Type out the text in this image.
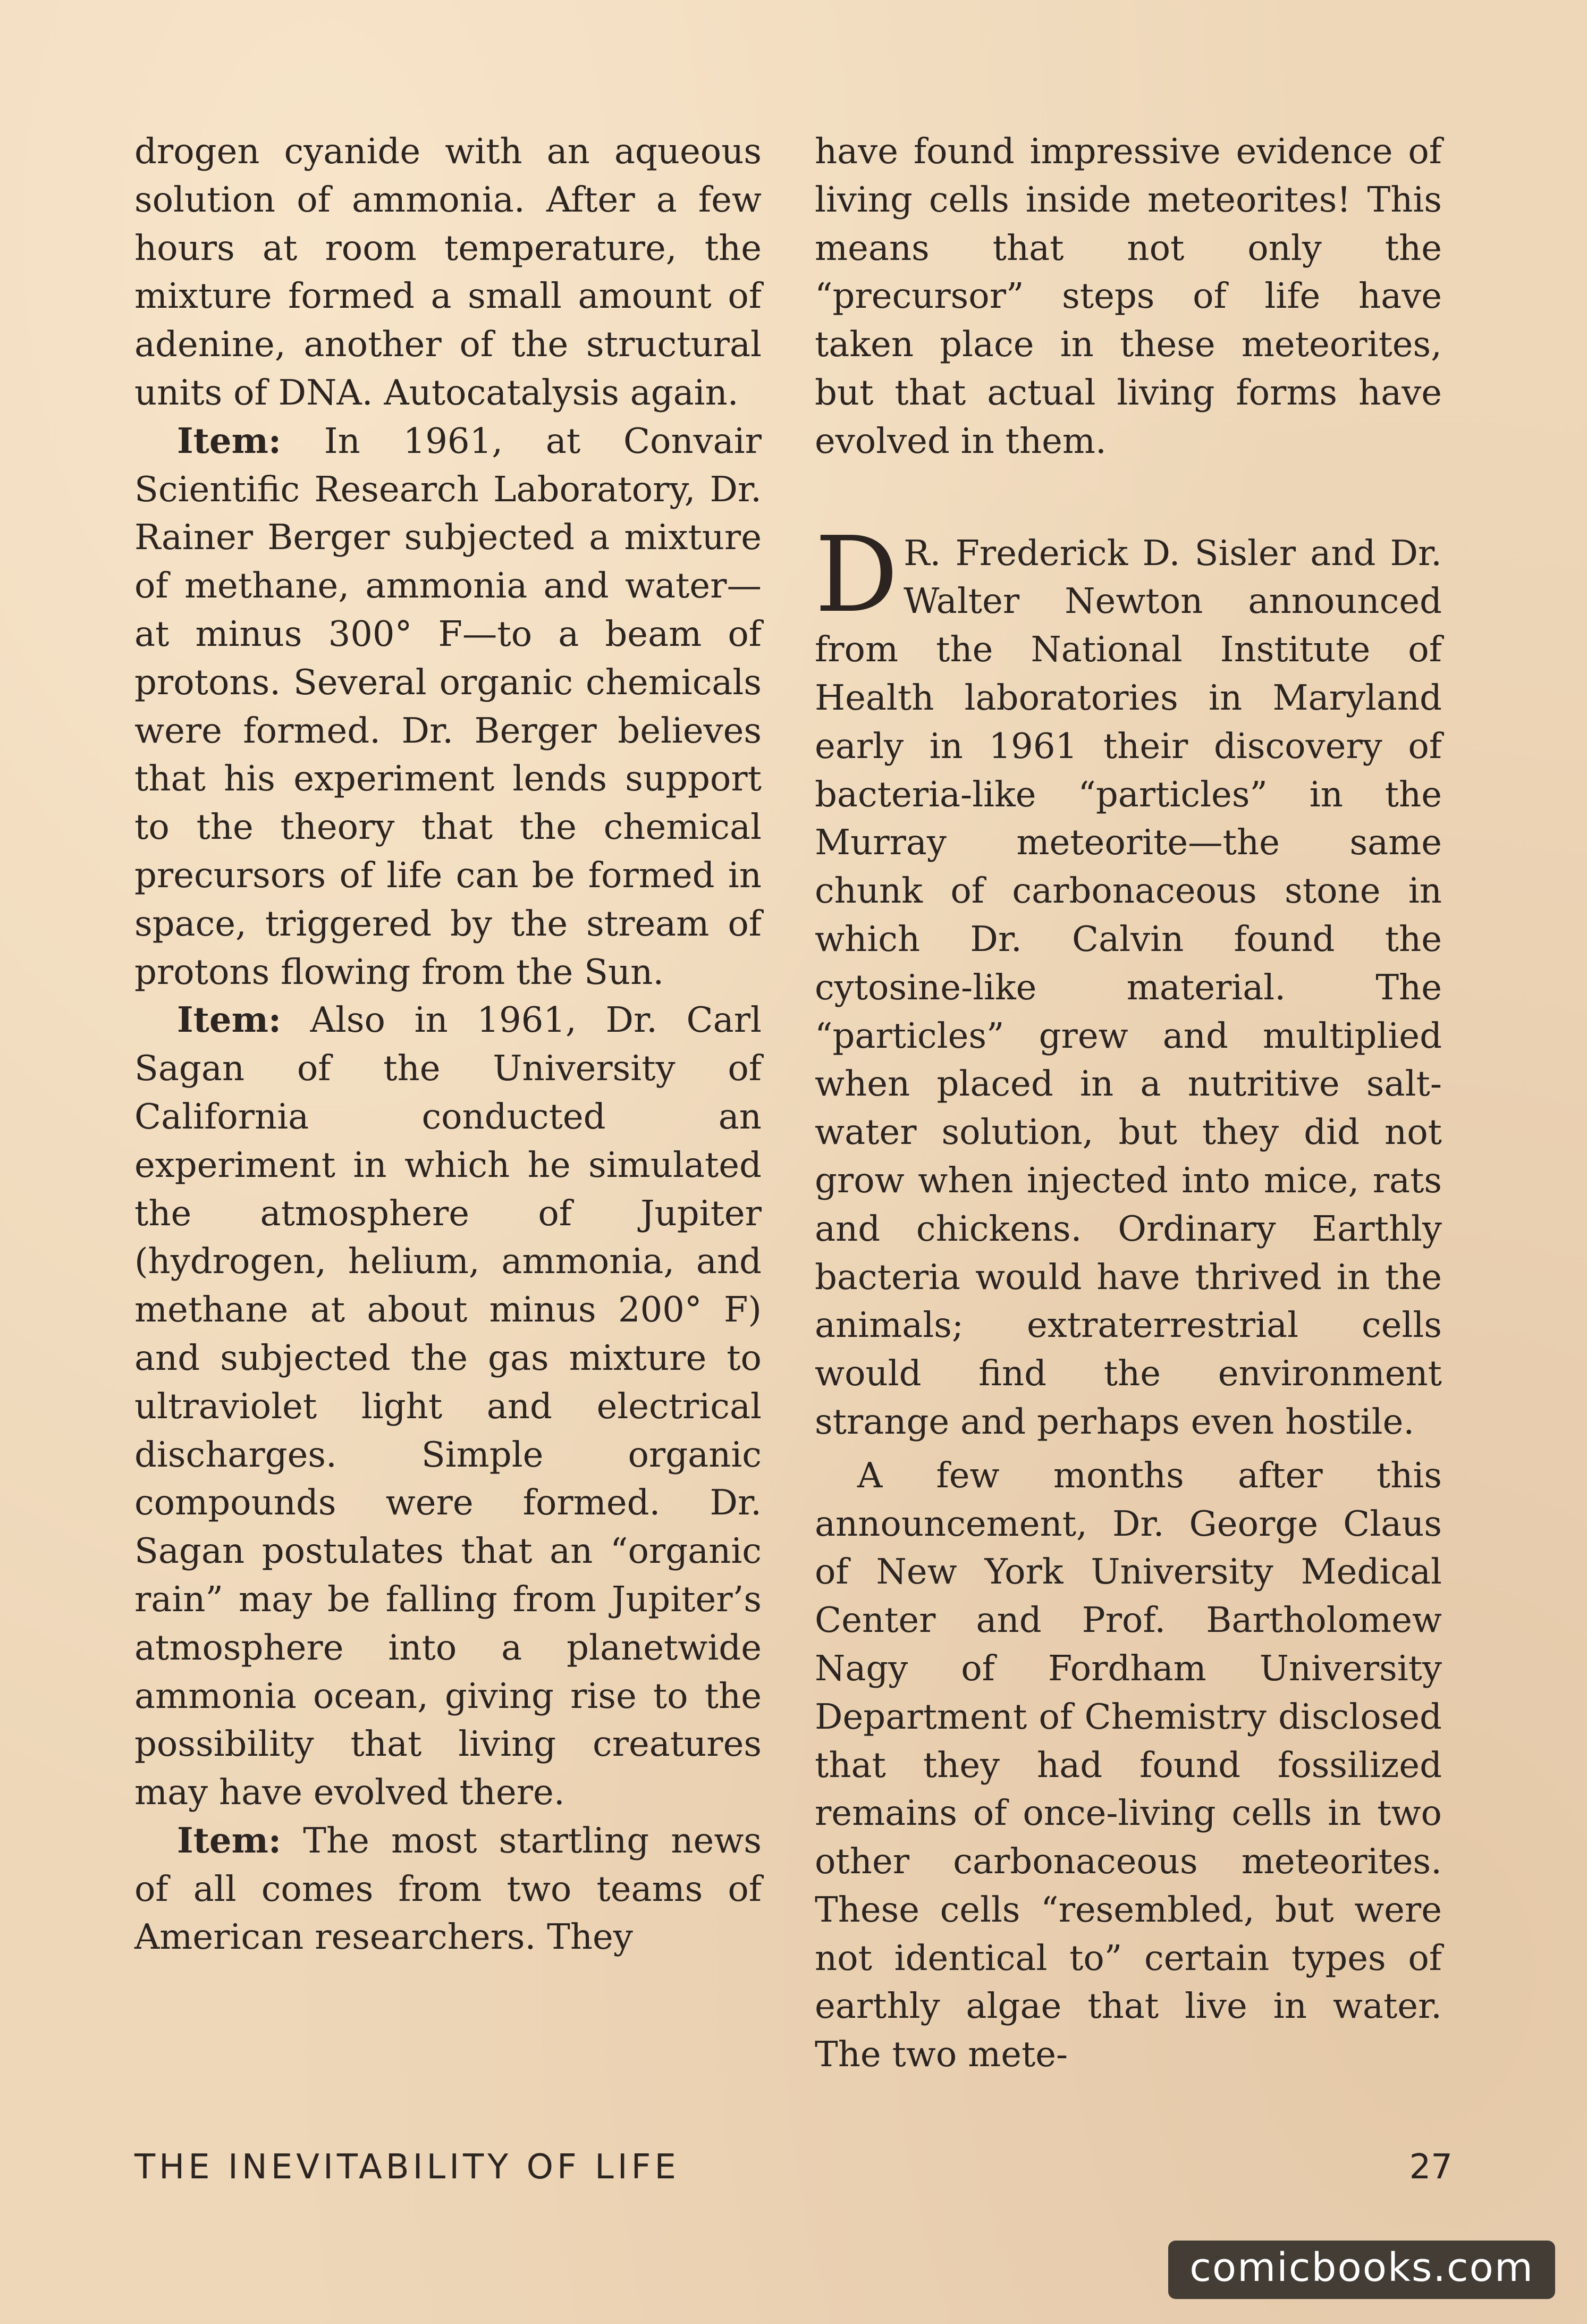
drogen cyanide with an aqueous solution of ammonia. After a few hours at room temperature, the mixture formed a small amount of adenine, another of the structural units of DNA. Autocatalysis again.

Item: In 1961, at Convair Scientific Research Laboratory, Dr. Rainer Berger subjected a mixture of methane, ammonia and water—at minus 300° F—to a beam of protons. Several organic chemicals were formed. Dr. Berger believes that his experiment lends support to the theory that the chemical precursors of life can be formed in space, triggered by the stream of protons flowing from the Sun.

Item: Also in 1961, Dr. Carl Sagan of the University of California conducted an experiment in which he simulated the atmosphere of Jupiter (hydrogen, helium, ammonia, and methane at about minus 200° F) and subjected the gas mixture to ultraviolet light and electrical discharges. Simple organic compounds were formed. Dr. Sagan postulates that an “organic rain” may be falling from Jupiter’s atmosphere into a planetwide ammonia ocean, giving rise to the possibility that living creatures may have evolved there.

Item: The most startling news of all comes from two teams of American researchers. They

have found impressive evidence of living cells inside meteorites! This means that not only the “precursor” steps of life have taken place in these meteorites, but that actual living forms have evolved in them.

D R. Frederick D. Sisler and Dr. Walter Newton announced from the National Institute of Health laboratories in Maryland early in 1961 their discovery of bacteria-like “particles” in the Murray meteorite—the same chunk of carbonaceous stone in which Dr. Calvin found the cytosine-like material. The “particles” grew and multiplied when placed in a nutritive salt-water solution, but they did not grow when injected into mice, rats and chickens. Ordinary Earthly bacteria would have thrived in the animals; extraterrestrial cells would find the environment strange and perhaps even hostile.

A few months after this announcement, Dr. George Claus of New York University Medical Center and Prof. Bartholomew Nagy of Fordham University Department of Chemistry disclosed that they had found fossilized remains of once-living cells in two other carbonaceous meteorites. These cells “resembled, but were not identical to” certain types of earthly algae that live in water. The two mete-

THE INEVITABILITY OF LIFE	27
comicbooks.com
